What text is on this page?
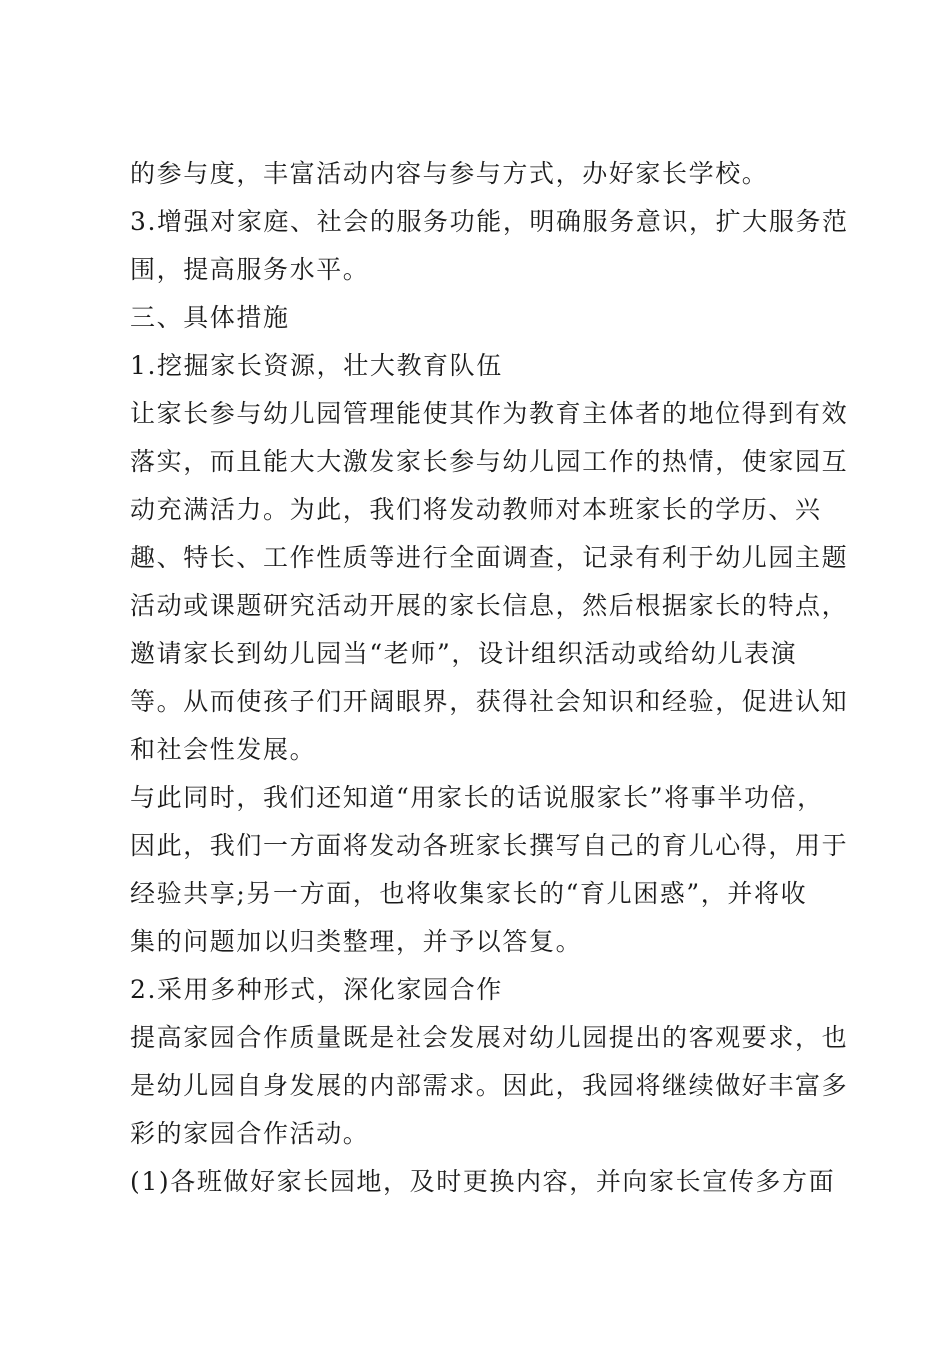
的参与度，丰富活动内容与参与方式，办好家长学校。
3.增强对家庭、社会的服务功能，明确服务意识，扩大服务范
围，提高服务水平。
三、具体措施
1.挖掘家长资源，壮大教育队伍
让家长参与幼儿园管理能使其作为教育主体者的地位得到有效
落实，而且能大大激发家长参与幼儿园工作的热情，使家园互
动充满活力。为此，我们将发动教师对本班家长的学历、兴
趣、特长、工作性质等进行全面调查，记录有利于幼儿园主题
活动或课题研究活动开展的家长信息，然后根据家长的特点，
邀请家长到幼儿园当“老师”，设计组织活动或给幼儿表演
等。从而使孩子们开阔眼界，获得社会知识和经验，促进认知
和社会性发展。
与此同时，我们还知道“用家长的话说服家长”将事半功倍，
因此，我们一方面将发动各班家长撰写自己的育儿心得，用于
经验共享;另一方面，也将收集家长的“育儿困惑”，并将收
集的问题加以归类整理，并予以答复。
2.采用多种形式，深化家园合作
提高家园合作质量既是社会发展对幼儿园提出的客观要求，也
是幼儿园自身发展的内部需求。因此，我园将继续做好丰富多
彩的家园合作活动。
(1)各班做好家长园地，及时更换内容，并向家长宣传多方面
